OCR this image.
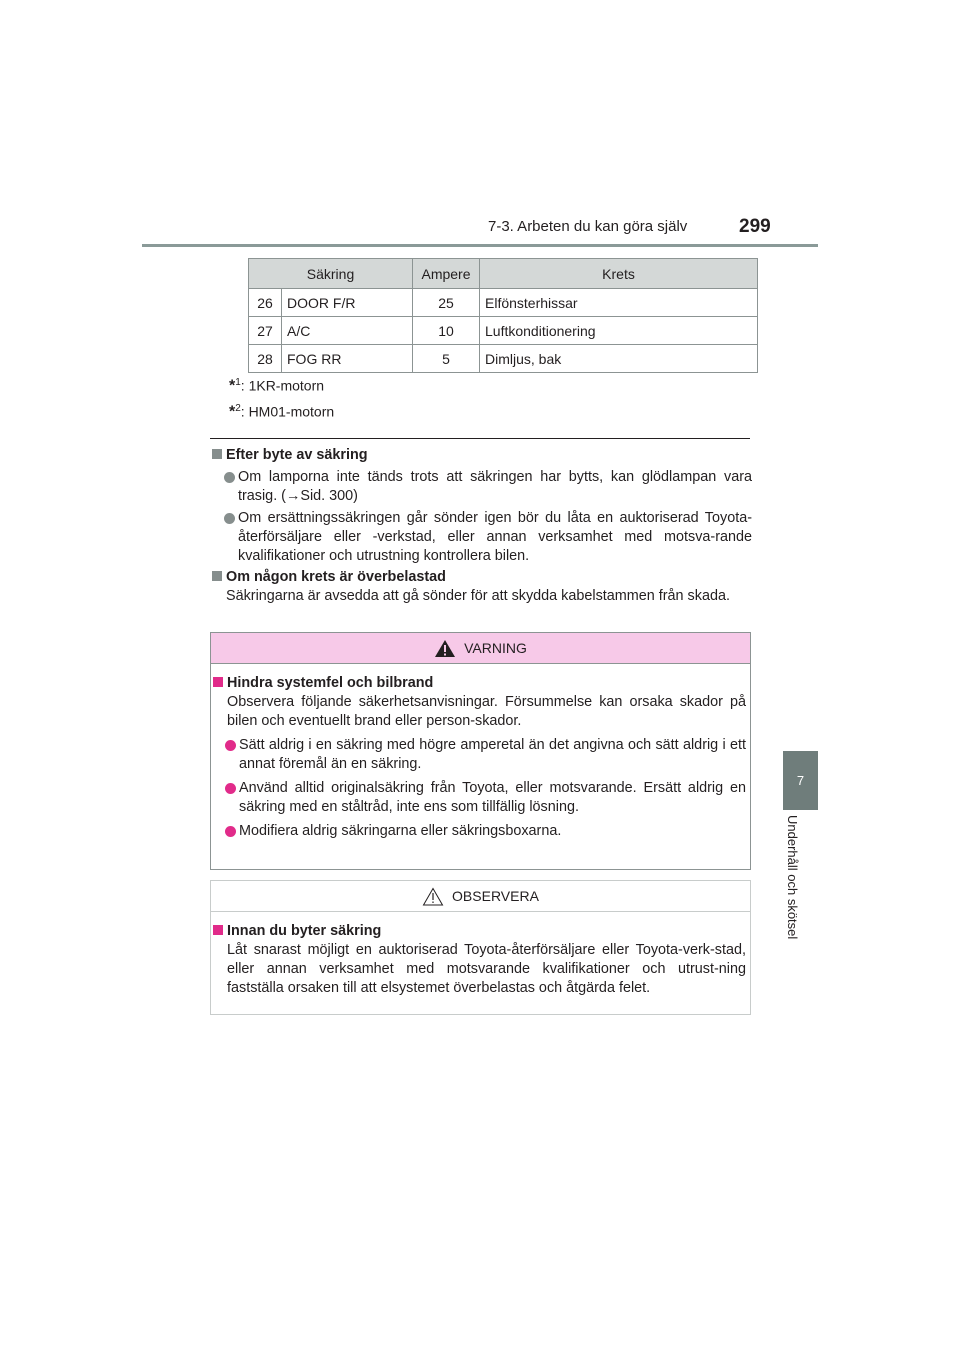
7-3. Arbeten du kan göra själv	299
7
Underhåll och skötsel
Säkring		Ampere	Krets
26	DOOR F/R	25	Elfönsterhissar
27	A/C	10	Luftkonditionering
28	FOG RR	5	Dimljus, bak
*$^1$: 1KR-motorn
*$^2$: HM01-motorn
Efter byte av säkring
Om lamporna inte tänds trots att säkringen har bytts, kan glödlampan vara trasig. (→Sid. 300)
Om ersättningssäkringen går sönder igen bör du låta en auktoriserad Toyota-återförsäljare eller -verkstad, eller annan verksamhet med motsva-rande kvalifikationer och utrustning kontrollera bilen.
Om någon krets är överbelastad
Säkringarna är avsedda att gå sönder för att skydda kabelstammen från skada.
VARNING
Hindra systemfel och bilbrand
Observera följande säkerhetsanvisningar. Försummelse kan orsaka skador på bilen och eventuellt brand eller person-skador.
Sätt aldrig i en säkring med högre amperetal än det angivna och sätt aldrig i ett annat föremål än en säkring.
Använd alltid originalsäkring från Toyota, eller motsvarande. Ersätt aldrig en säkring med en ståltråd, inte ens som tillfällig lösning.
Modifiera aldrig säkringarna eller säkringsboxarna.
OBSERVERA
Innan du byter säkring
Låt snarast möjligt en auktoriserad Toyota-återförsäljare eller Toyota-verk-stad, eller annan verksamhet med motsvarande kvalifikationer och utrust-ning fastställa orsaken till att elsystemet överbelastas och åtgärda felet.
